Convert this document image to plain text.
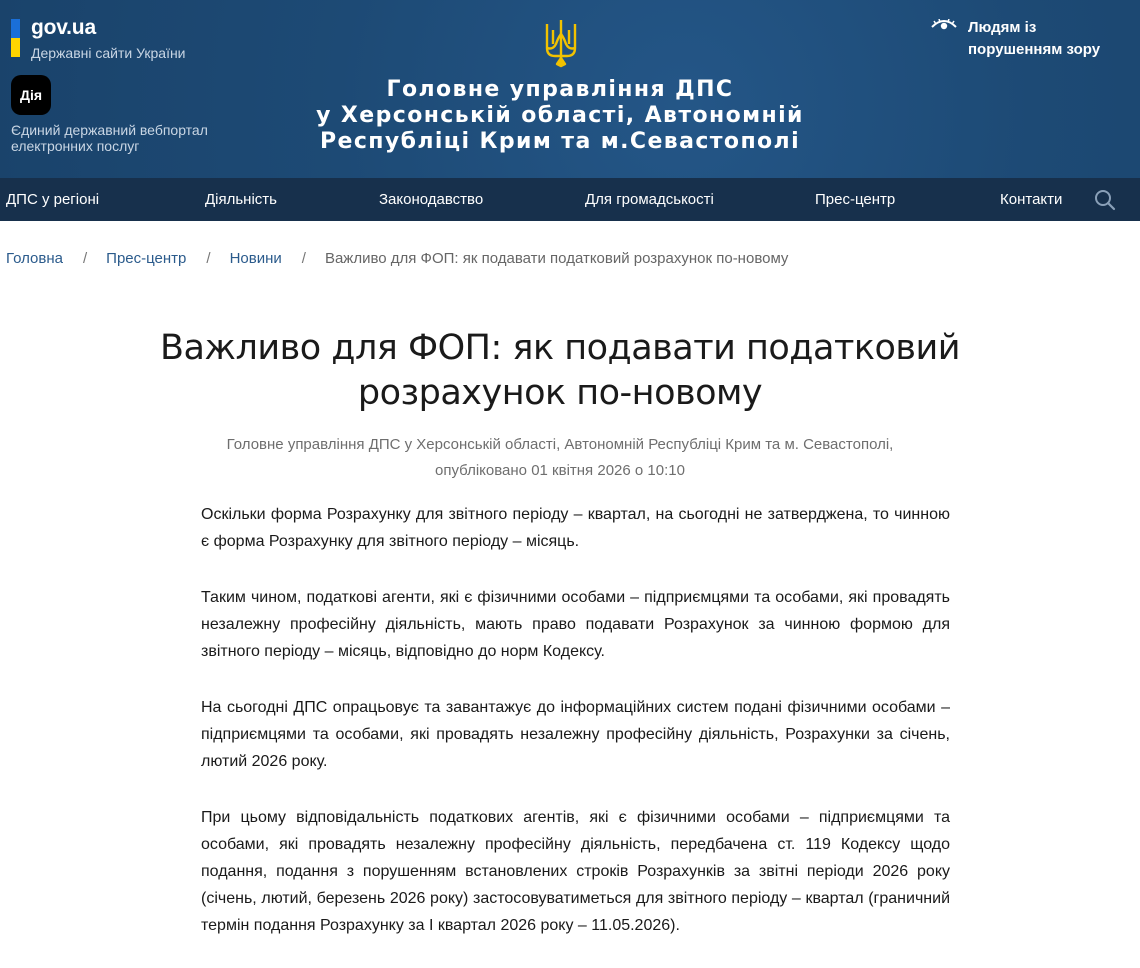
gov.ua
Державні сайти України
Дія
Єдиний державний вебпортал електронних послуг
Головне управління ДПС
у Херсонській області, Автономній
Республіці Крим та м.Севастополі
Людям із
порушенням зору
ДПС у регіоні	Діяльність	Законодавство	Для громадськості	Прес-центр	Контакти
Головна / Прес-центр / Новини / Важливо для ФОП: як подавати податковий розрахунок по-новому
Важливо для ФОП: як подавати податковий розрахунок по-новому
Головне управління ДПС у Херсонській області, Автономній Республіці Крим та м. Севастополі,
опубліковано 01 квітня 2026 о 10:10

Оскільки форма Розрахунку для звітного періоду – квартал, на сьогодні не затверджена, то чинною є форма Розрахунку для звітного періоду – місяць.

Таким чином, податкові агенти, які є фізичними особами – підприємцями та особами, які провадять незалежну професійну діяльність, мають право подавати Розрахунок за чинною формою для звітного періоду – місяць, відповідно до норм Кодексу.

На сьогодні ДПС опрацьовує та завантажує до інформаційних систем подані фізичними особами – підприємцями та особами, які провадять незалежну професійну діяльність, Розрахунки за січень, лютий 2026 року.

При цьому відповідальність податкових агентів, які є фізичними особами – підприємцями та особами, які провадять незалежну професійну діяльність, передбачена ст. 119 Кодексу щодо подання, подання з порушенням встановлених строків Розрахунків за звітні періоди 2026 року (січень, лютий, березень 2026 року) застосовуватиметься для звітного періоду – квартал (граничний термін подання Розрахунку за I квартал 2026 року – 11.05.2026).
